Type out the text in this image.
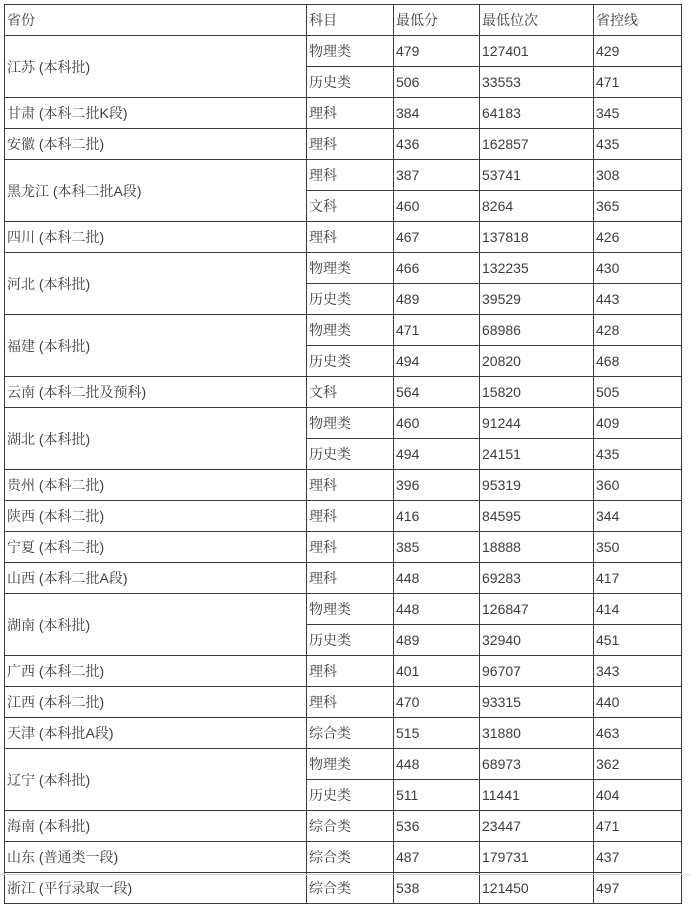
省份	科目	最低分	最低位次	省控线
江苏 (本科批)	物理类	479	127401	429
	历史类	506	33553	471
甘肃 (本科二批K段)	理科	384	64183	345
安徽 (本科二批)	理科	436	162857	435
黑龙江 (本科二批A段)	理科	387	53741	308
	文科	460	8264	365
四川 (本科二批)	理科	467	137818	426
河北 (本科批)	物理类	466	132235	430
	历史类	489	39529	443
福建 (本科批)	物理类	471	68986	428
	历史类	494	20820	468
云南 (本科二批及预科)	文科	564	15820	505
湖北 (本科批)	物理类	460	91244	409
	历史类	494	24151	435
贵州 (本科二批)	理科	396	95319	360
陕西 (本科二批)	理科	416	84595	344
宁夏 (本科二批)	理科	385	18888	350
山西 (本科二批A段)	理科	448	69283	417
湖南 (本科批)	物理类	448	126847	414
	历史类	489	32940	451
广西 (本科二批)	理科	401	96707	343
江西 (本科二批)	理科	470	93315	440
天津 (本科批A段)	综合类	515	31880	463
辽宁 (本科批)	物理类	448	68973	362
	历史类	511	11441	404
海南 (本科批)	综合类	536	23447	471
山东 (普通类一段)	综合类	487	179731	437
浙江 (平行录取一段)	综合类	538	121450	497
